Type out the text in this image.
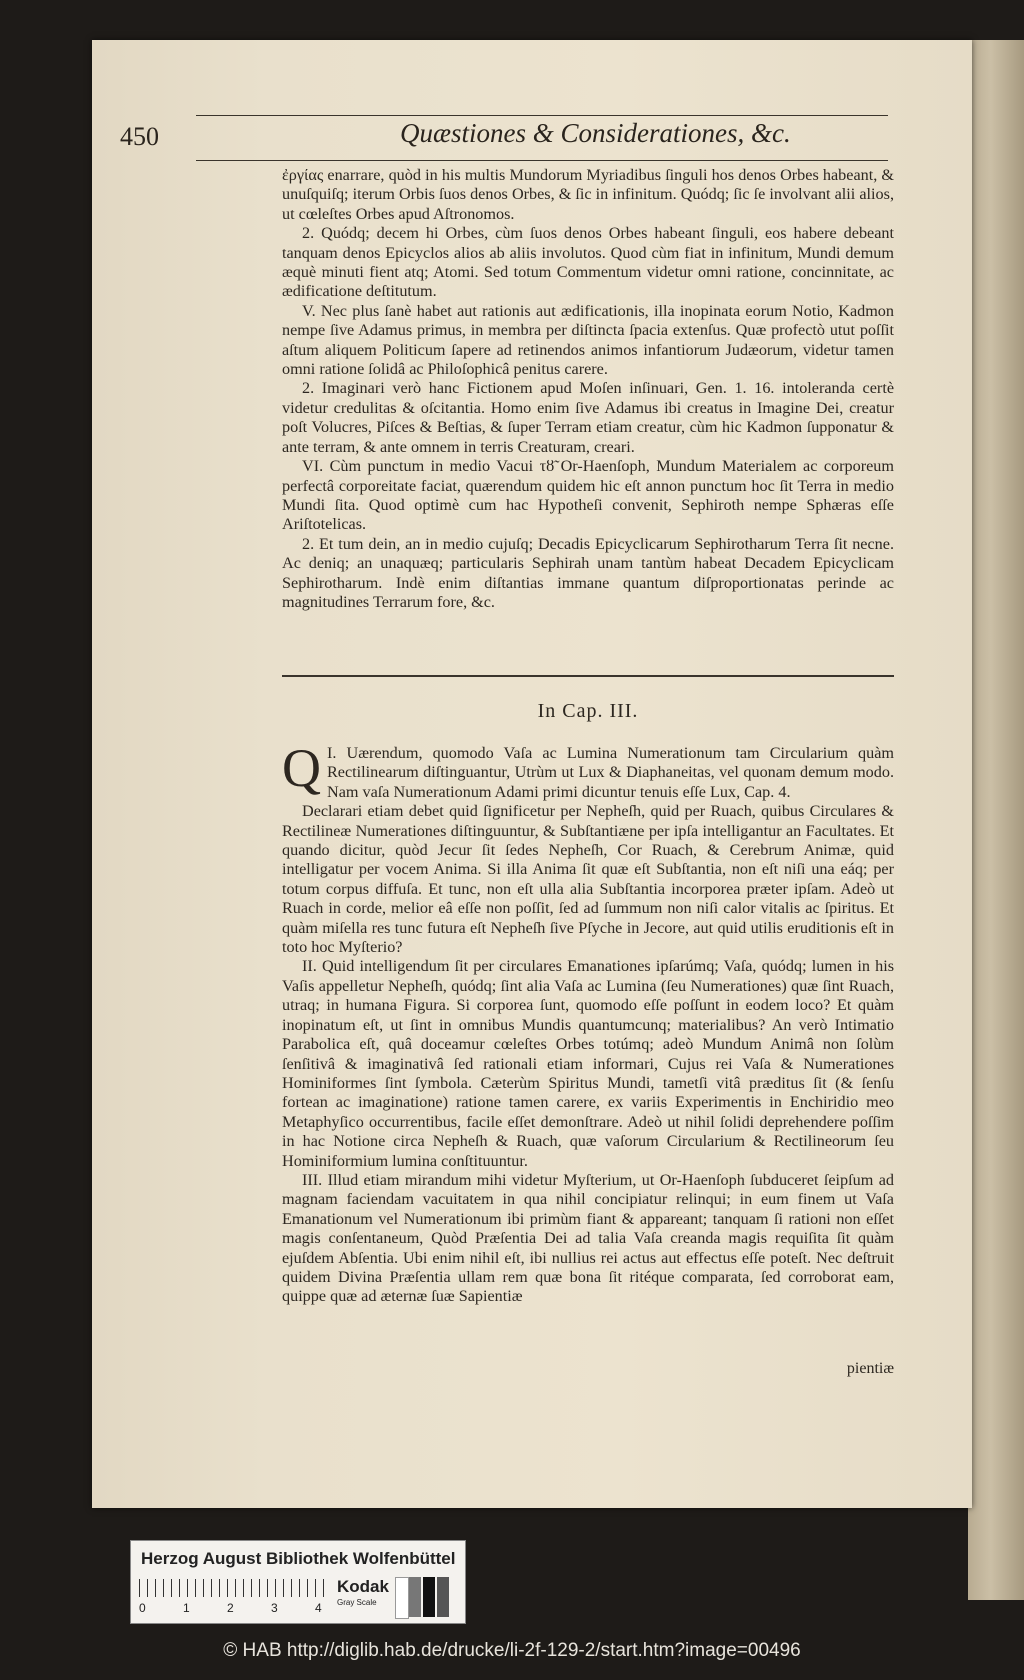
450	Quæstiones & Considerationes, &c.

ἐργίας enarrare, quòd in his multis Mundorum Myriadibus ſinguli hos denos Orbes habeant, & unuſquiſq; iterum Orbis ſuos denos Orbes, & ſic in infinitum. Quódq; ſic ſe involvant alii alios, ut cœleſtes Orbes apud Aſtronomos.

2. Quódq; decem hi Orbes, cùm ſuos denos Orbes habeant ſinguli, eos habere debeant tanquam denos Epicyclos alios ab aliis involutos. Quod cùm fiat in infinitum, Mundi demum æquè minuti fient atq; Atomi. Sed totum Commentum videtur omni ratione, concinnitate, ac ædificatione deſtitutum.

V. Nec plus ſanè habet aut rationis aut ædificationis, illa inopinata eorum Notio, Kadmon nempe ſive Adamus primus, in membra per diſtincta ſpacia extenſus. Quæ profectò utut poſſit aſtum aliquem Politicum ſapere ad retinendos animos infantiorum Judæorum, videtur tamen omni ratione ſolidâ ac Philoſophicâ penitus carere.

2. Imaginari verò hanc Fictionem apud Moſen inſinuari, Gen. 1. 16. intoleranda certè videtur credulitas & oſcitantia. Homo enim ſive Adamus ibi creatus in Imagine Dei, creatur poſt Volucres, Piſces & Beſtias, & ſuper Terram etiam creatur, cùm hic Kadmon ſupponatur & ante terram, & ante omnem in terris Creaturam, creari.

VI. Cùm punctum in medio Vacui τȣ̃ Or-Haenſoph, Mundum Materialem ac corporeum perfectâ corporeitate faciat, quærendum quidem hic eſt annon punctum hoc ſit Terra in medio Mundi ſita. Quod optimè cum hac Hypotheſi convenit, Sephiroth nempe Sphæras eſſe Ariſtotelicas.

2. Et tum dein, an in medio cujuſq; Decadis Epicyclicarum Sephirotharum Terra ſit necne. Ac deniq; an unaquæq; particularis Sephirah unam tantùm habeat Decadem Epicyclicam Sephirotharum. Indè enim diſtantias immane quantum diſproportionatas perinde ac magnitudines Terrarum fore, &c.

In Cap. III.
Q I. Uærendum, quomodo Vaſa ac Lumina Numerationum tam Circularium quàm Rectilinearum diſtinguantur, Utrùm ut Lux & Diaphaneitas, vel quonam demum modo. Nam vaſa Numerationum Adami primi dicuntur tenuis eſſe Lux, Cap. 4.

Declarari etiam debet quid ſignificetur per Nepheſh, quid per Ruach, quibus Circulares & Rectilineæ Numerationes diſtinguuntur, & Subſtantiæne per ipſa intelligantur an Facultates. Et quando dicitur, quòd Jecur ſit ſedes Nepheſh, Cor Ruach, & Cerebrum Animæ, quid intelligatur per vocem Anima. Si illa Anima ſit quæ eſt Subſtantia, non eſt niſi una eáq; per totum corpus diffuſa. Et tunc, non eſt ulla alia Subſtantia incorporea præter ipſam. Adeò ut Ruach in corde, melior eâ eſſe non poſſit, ſed ad ſummum non niſi calor vitalis ac ſpiritus. Et quàm miſella res tunc futura eſt Nepheſh ſive Pſyche in Jecore, aut quid utilis eruditionis eſt in toto hoc Myſterio?

II. Quid intelligendum ſit per circulares Emanationes ipſarúmq; Vaſa, quódq; lumen in his Vaſis appelletur Nepheſh, quódq; ſint alia Vaſa ac Lumina (ſeu Numerationes) quæ ſint Ruach, utraq; in humana Figura. Si corporea ſunt, quomodo eſſe poſſunt in eodem loco? Et quàm inopinatum eſt, ut ſint in omnibus Mundis quantumcunq; materialibus? An verò Intimatio Parabolica eſt, quâ doceamur cœleſtes Orbes totúmq; adeò Mundum Animâ non ſolùm ſenſitivâ & imaginativâ ſed rationali etiam informari, Cujus rei Vaſa & Numerationes Hominiformes ſint ſymbola. Cæterùm Spiritus Mundi, tametſi vitâ præditus ſit (& ſenſu fortean ac imaginatione) ratione tamen carere, ex variis Experimentis in Enchiridio meo Metaphyſico occurrentibus, facile eſſet demonſtrare. Adeò ut nihil ſolidi deprehendere poſſim in hac Notione circa Nepheſh & Ruach, quæ vaſorum Circularium & Rectilineorum ſeu Hominiformium lumina conſtituuntur.

III. Illud etiam mirandum mihi videtur Myſterium, ut Or-Haenſoph ſubduceret ſeipſum ad magnam faciendam vacuitatem in qua nihil concipiatur relinqui; in eum finem ut Vaſa Emanationum vel Numerationum ibi primùm fiant & appareant; tanquam ſi rationi non eſſet magis conſentaneum, Quòd Præſentia Dei ad talia Vaſa creanda magis requiſita ſit quàm ejuſdem Abſentia. Ubi enim nihil eſt, ibi nullius rei actus aut effectus eſſe poteſt. Nec deſtruit quidem Divina Præſentia ullam rem quæ bona ſit ritéque comparata, ſed corroborat eam, quippe quæ ad æternæ ſuæ Sapientiæ

pientiæ
Herzog August Bibliothek Wolfenbüttel
0	1	2	3	4
Kodak
Gray Scale
© HAB http://diglib.hab.de/drucke/li-2f-129-2/start.htm?image=00496
